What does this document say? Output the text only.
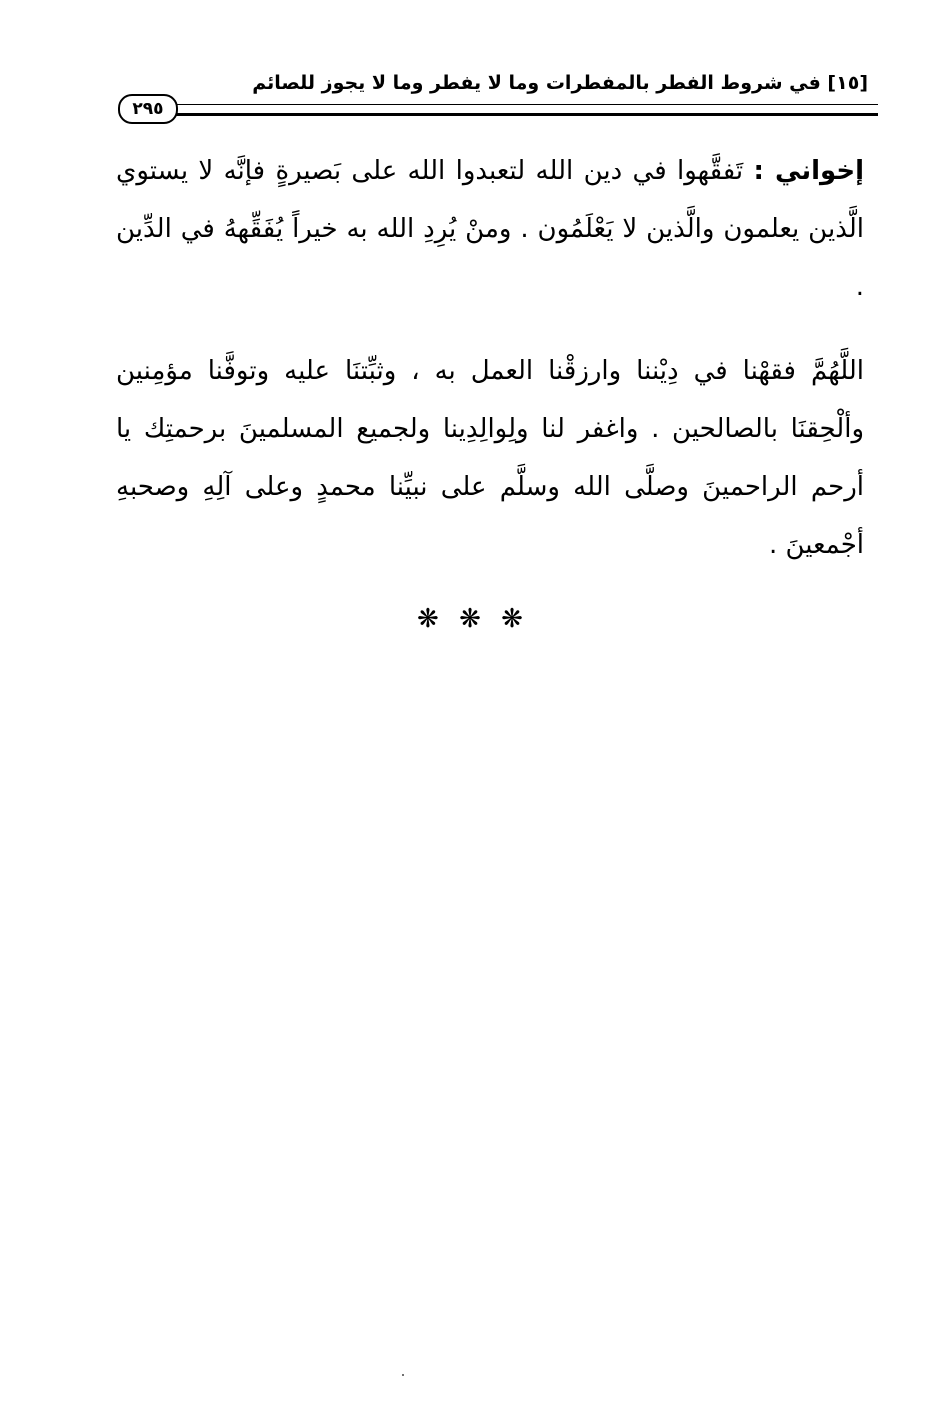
[١٥] في شروط الفطر بالمفطرات وما لا يفطر وما لا يجوز للصائم
٢٩٥

إخواني : تَفقَّهوا في دين الله لتعبدوا الله على بَصيرةٍ فإنَّه لا يستوي الَّذين يعلمون والَّذين لا يَعْلَمُون . ومنْ يُرِدِ الله به خيراً يُفَقِّههُ في الدِّين .

اللَّهُمَّ فقهْنا في دِيْننا وارزقْنا العمل به ، وثبِّتنَا عليه وتوفَّنا مؤمِنين وألْحِقنَا بالصالحين . واغفر لنا ولِوالِدِينا ولجميع المسلمينَ برحمتِك يا أرحم الراحمينَ وصلَّى الله وسلَّم على نبيِّنا محمدٍ وعلى آلِهِ وصحبهِ أجْمعينَ .

❋ ❋ ❋
